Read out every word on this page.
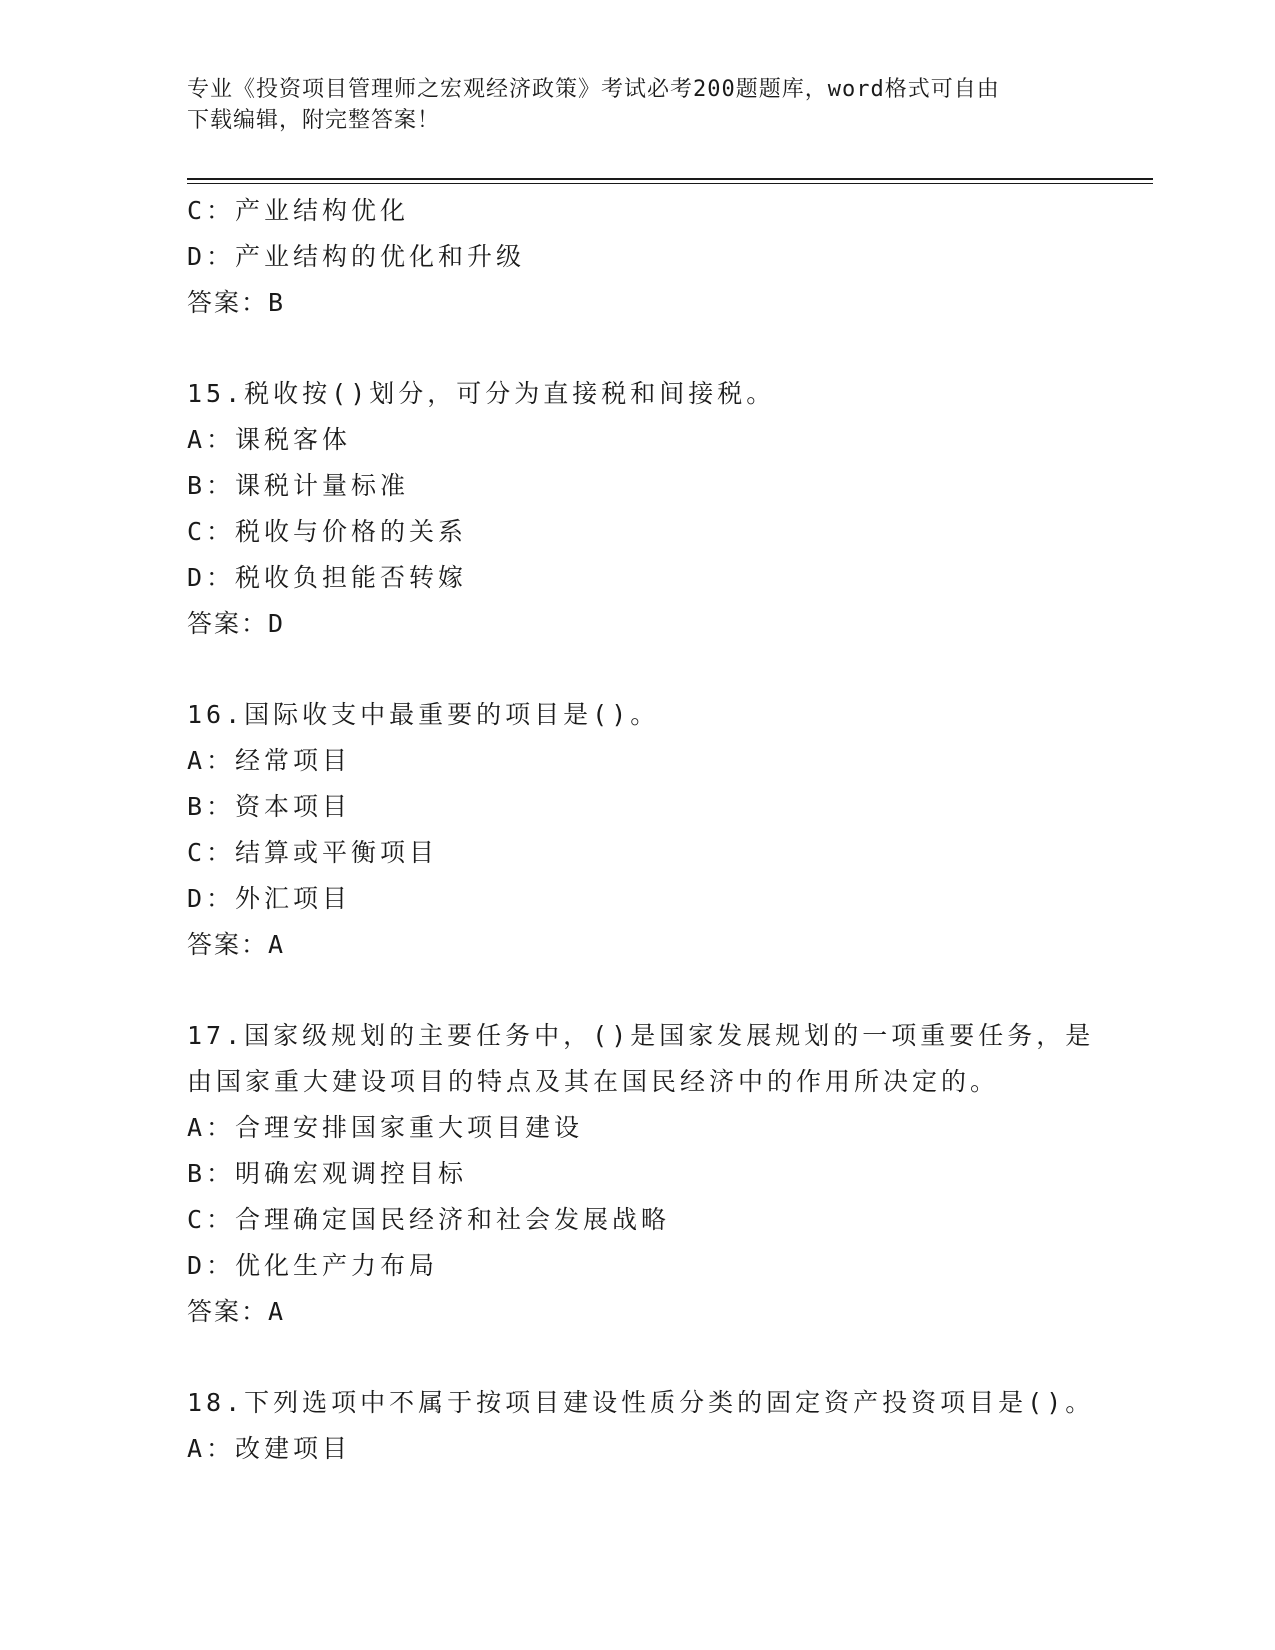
专业《投资项目管理师之宏观经济政策》考试必考200题题库，word格式可自由
下载编辑，附完整答案！
C：产业结构优化
D：产业结构的优化和升级
答案：B
15.税收按()划分，可分为直接税和间接税。
A：课税客体
B：课税计量标准
C：税收与价格的关系
D：税收负担能否转嫁
答案：D
16.国际收支中最重要的项目是()。
A：经常项目
B：资本项目
C：结算或平衡项目
D：外汇项目
答案：A
17.国家级规划的主要任务中，()是国家发展规划的一项重要任务，是
由国家重大建设项目的特点及其在国民经济中的作用所决定的。
A：合理安排国家重大项目建设
B：明确宏观调控目标
C：合理确定国民经济和社会发展战略
D：优化生产力布局
答案：A
18.下列选项中不属于按项目建设性质分类的固定资产投资项目是()。
A：改建项目
